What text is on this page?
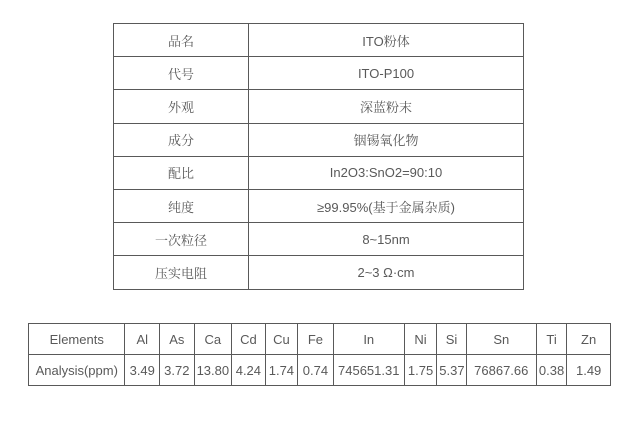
品名	ITO粉体
代号	ITO-P100
外观	深蓝粉末
成分	铟锡氧化物
配比	In2O3:SnO2=90:10
纯度	≥99.95%(基于金属杂质)
一次粒径	8~15nm
压实电阻	2~3 Ω·cm
Elements	Al	As	Ca	Cd	Cu	Fe	In	Ni	Si	Sn	Ti	Zn
Analysis(ppm)	3.49	3.72	13.80	4.24	1.74	0.74	745651.31	1.75	5.37	76867.66	0.38	1.49
